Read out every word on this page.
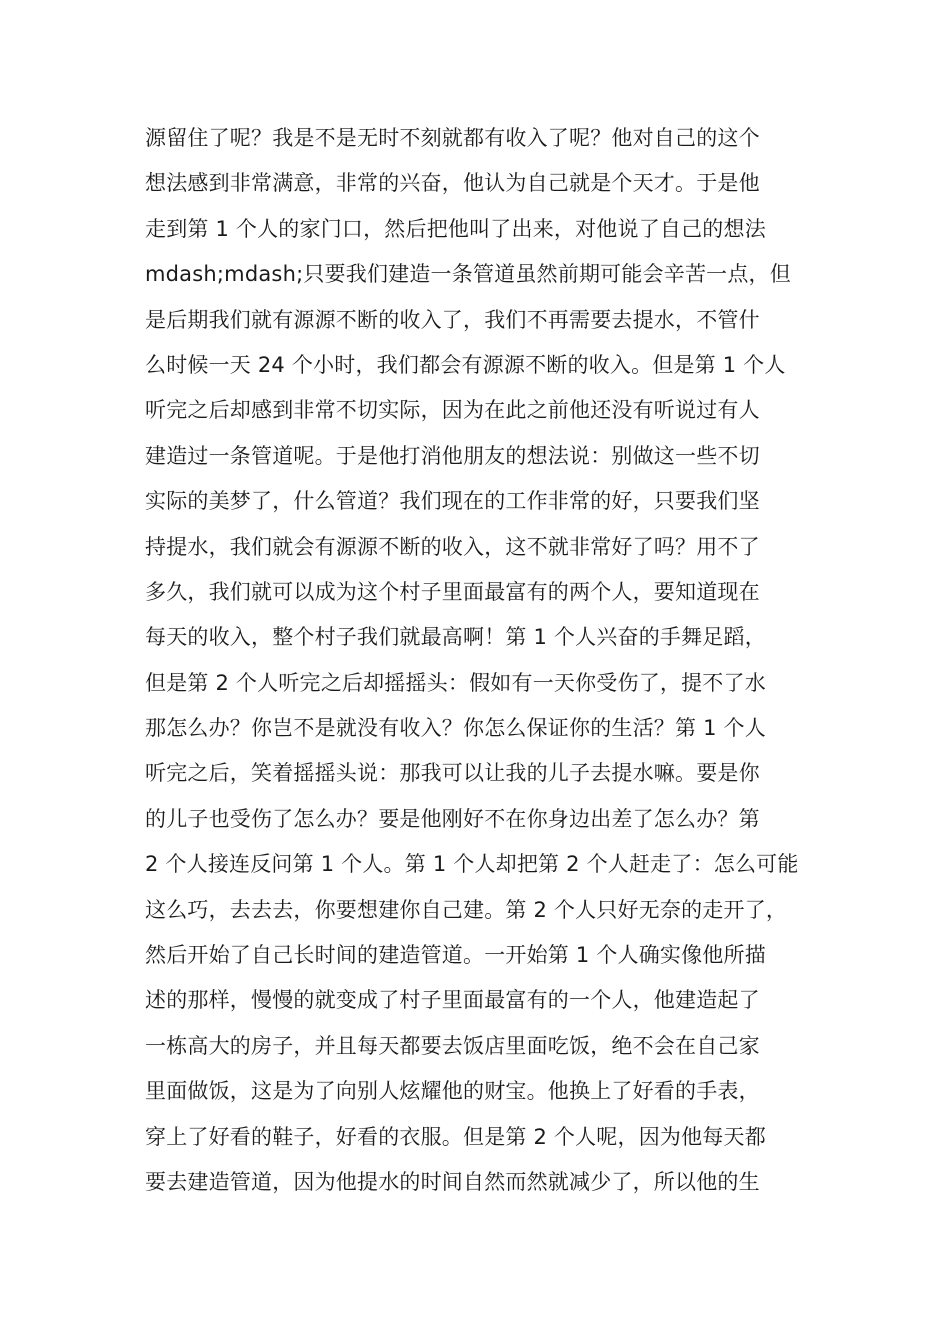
源留住了呢？我是不是无时不刻就都有收入了呢？他对自己的这个
想法感到非常满意，非常的兴奋，他认为自己就是个天才。于是他
走到第 1 个人的家门口，然后把他叫了出来，对他说了自己的想法
mdash;mdash;只要我们建造一条管道虽然前期可能会辛苦一点，但
是后期我们就有源源不断的收入了，我们不再需要去提水，不管什
么时候一天 24 个小时，我们都会有源源不断的收入。但是第 1 个人
听完之后却感到非常不切实际，因为在此之前他还没有听说过有人
建造过一条管道呢。于是他打消他朋友的想法说：别做这一些不切
实际的美梦了，什么管道？我们现在的工作非常的好，只要我们坚
持提水，我们就会有源源不断的收入，这不就非常好了吗？用不了
多久，我们就可以成为这个村子里面最富有的两个人，要知道现在
每天的收入，整个村子我们就最高啊！第 1 个人兴奋的手舞足蹈，
但是第 2 个人听完之后却摇摇头：假如有一天你受伤了，提不了水
那怎么办？你岂不是就没有收入？你怎么保证你的生活？第 1 个人
听完之后，笑着摇摇头说：那我可以让我的儿子去提水嘛。要是你
的儿子也受伤了怎么办？要是他刚好不在你身边出差了怎么办？第
2 个人接连反问第 1 个人。第 1 个人却把第 2 个人赶走了：怎么可能
这么巧，去去去，你要想建你自己建。第 2 个人只好无奈的走开了，
然后开始了自己长时间的建造管道。一开始第 1 个人确实像他所描
述的那样，慢慢的就变成了村子里面最富有的一个人，他建造起了
一栋高大的房子，并且每天都要去饭店里面吃饭，绝不会在自己家
里面做饭，这是为了向别人炫耀他的财宝。他换上了好看的手表，
穿上了好看的鞋子，好看的衣服。但是第 2 个人呢，因为他每天都
要去建造管道，因为他提水的时间自然而然就减少了，所以他的生
